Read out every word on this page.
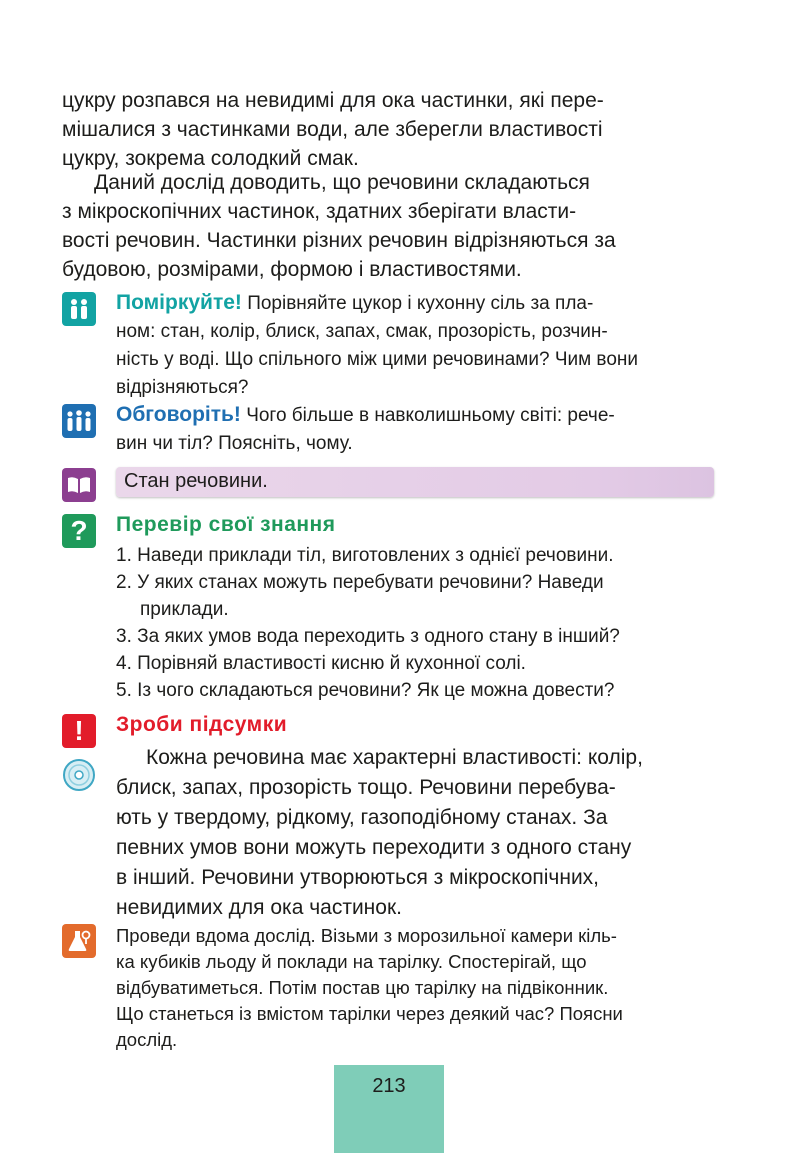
цукру розпався на невидимі для ока частинки, які пере-
мішалися з частинками води, але зберегли властивості
цукру, зокрема солодкий смак.
Даний дослід доводить, що речовини складаються
з мікроскопічних частинок, здатних зберігати власти-
вості речовин. Частинки різних речовин відрізняються за
будовою, розмірами, формою і властивостями.
Поміркуйте! Порівняйте цукор і кухонну сіль за пла-
ном: стан, колір, блиск, запах, смак, прозорість, розчин-
ність у воді. Що спільного між цими речовинами? Чим вони
відрізняються?
Обговоріть! Чого більше в навколишньому світі: рече-
вин чи тіл? Поясніть, чому.
Стан речовини.
? Перевір свої знання
1. Наведи приклади тіл, виготовлених з однієї речовини.
2. У яких станах можуть перебувати речовини? Наведи
приклади.
3. За яких умов вода переходить з одного стану в інший?
4. Порівняй властивості кисню й кухонної солі.
5. Із чого складаються речовини? Як це можна довести?
! Зроби підсумки
Кожна речовина має характерні властивості: колір,
блиск, запах, прозорість тощо. Речовини перебува-
ють у твердому, рідкому, газоподібному станах. За
певних умов вони можуть переходити з одного стану
в інший. Речовини утворюються з мікроскопічних,
невидимих для ока частинок.
Проведи вдома дослід. Візьми з морозильної камери кіль-
ка кубиків льоду й поклади на тарілку. Спостерігай, що
відбуватиметься. Потім постав цю тарілку на підвіконник.
Що станеться із вмістом тарілки через деякий час? Поясни
дослід.
213
